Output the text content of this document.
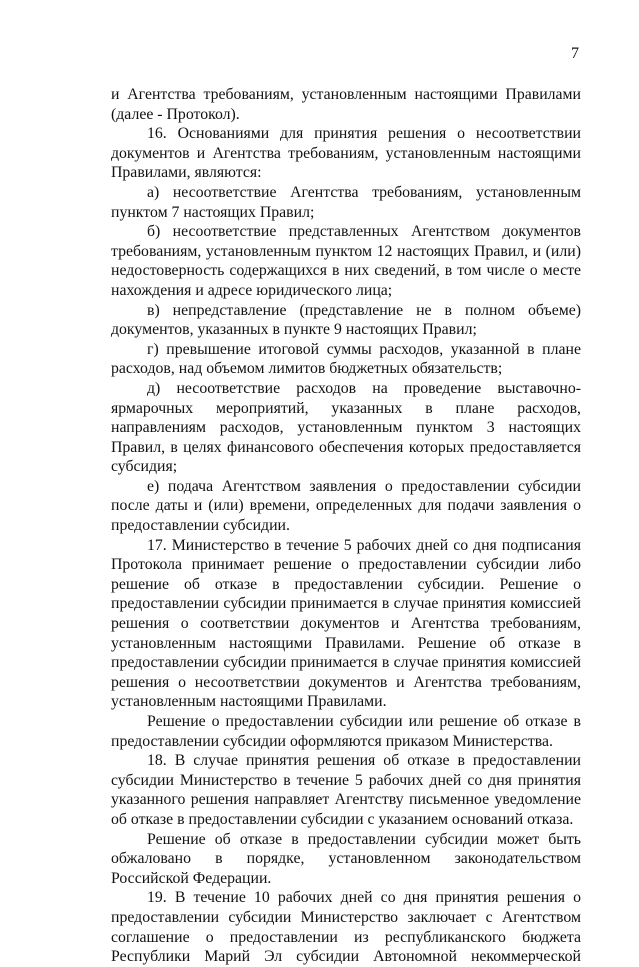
7

и Агентства требованиям, установленным настоящими Правилами (далее - Протокол).

16. Основаниями для принятия решения о несоответствии документов и Агентства требованиям, установленным настоящими Правилами, являются:

а) несоответствие Агентства требованиям, установленным пунктом 7 настоящих Правил;

б) несоответствие представленных Агентством документов требованиям, установленным пунктом 12 настоящих Правил, и (или) недостоверность содержащихся в них сведений, в том числе о месте нахождения и адресе юридического лица;

в) непредставление (представление не в полном объеме) документов, указанных в пункте 9 настоящих Правил;

г) превышение итоговой суммы расходов, указанной в плане расходов, над объемом лимитов бюджетных обязательств;

д) несоответствие расходов на проведение выставочно-ярмарочных мероприятий, указанных в плане расходов, направлениям расходов, установленным пунктом 3 настоящих Правил, в целях финансового обеспечения которых предоставляется субсидия;

е) подача Агентством заявления о предоставлении субсидии после даты и (или) времени, определенных для подачи заявления о предоставлении субсидии.

17. Министерство в течение 5 рабочих дней со дня подписания Протокола принимает решение о предоставлении субсидии либо решение об отказе в предоставлении субсидии. Решение о предоставлении субсидии принимается в случае принятия комиссией решения о соответствии документов и Агентства требованиям, установленным настоящими Правилами. Решение об отказе в предоставлении субсидии принимается в случае принятия комиссией решения о несоответствии документов и Агентства требованиям, установленным настоящими Правилами.

Решение о предоставлении субсидии или решение об отказе в предоставлении субсидии оформляются приказом Министерства.

18. В случае принятия решения об отказе в предоставлении субсидии Министерство в течение 5 рабочих дней со дня принятия указанного решения направляет Агентству письменное уведомление об отказе в предоставлении субсидии с указанием оснований отказа.

Решение об отказе в предоставлении субсидии может быть обжаловано в порядке, установленном законодательством Российской Федерации.

19. В течение 10 рабочих дней со дня принятия решения о предоставлении субсидии Министерство заключает с Агентством соглашение о предоставлении из республиканского бюджета Республики Марий Эл субсидии Автономной некоммерческой
